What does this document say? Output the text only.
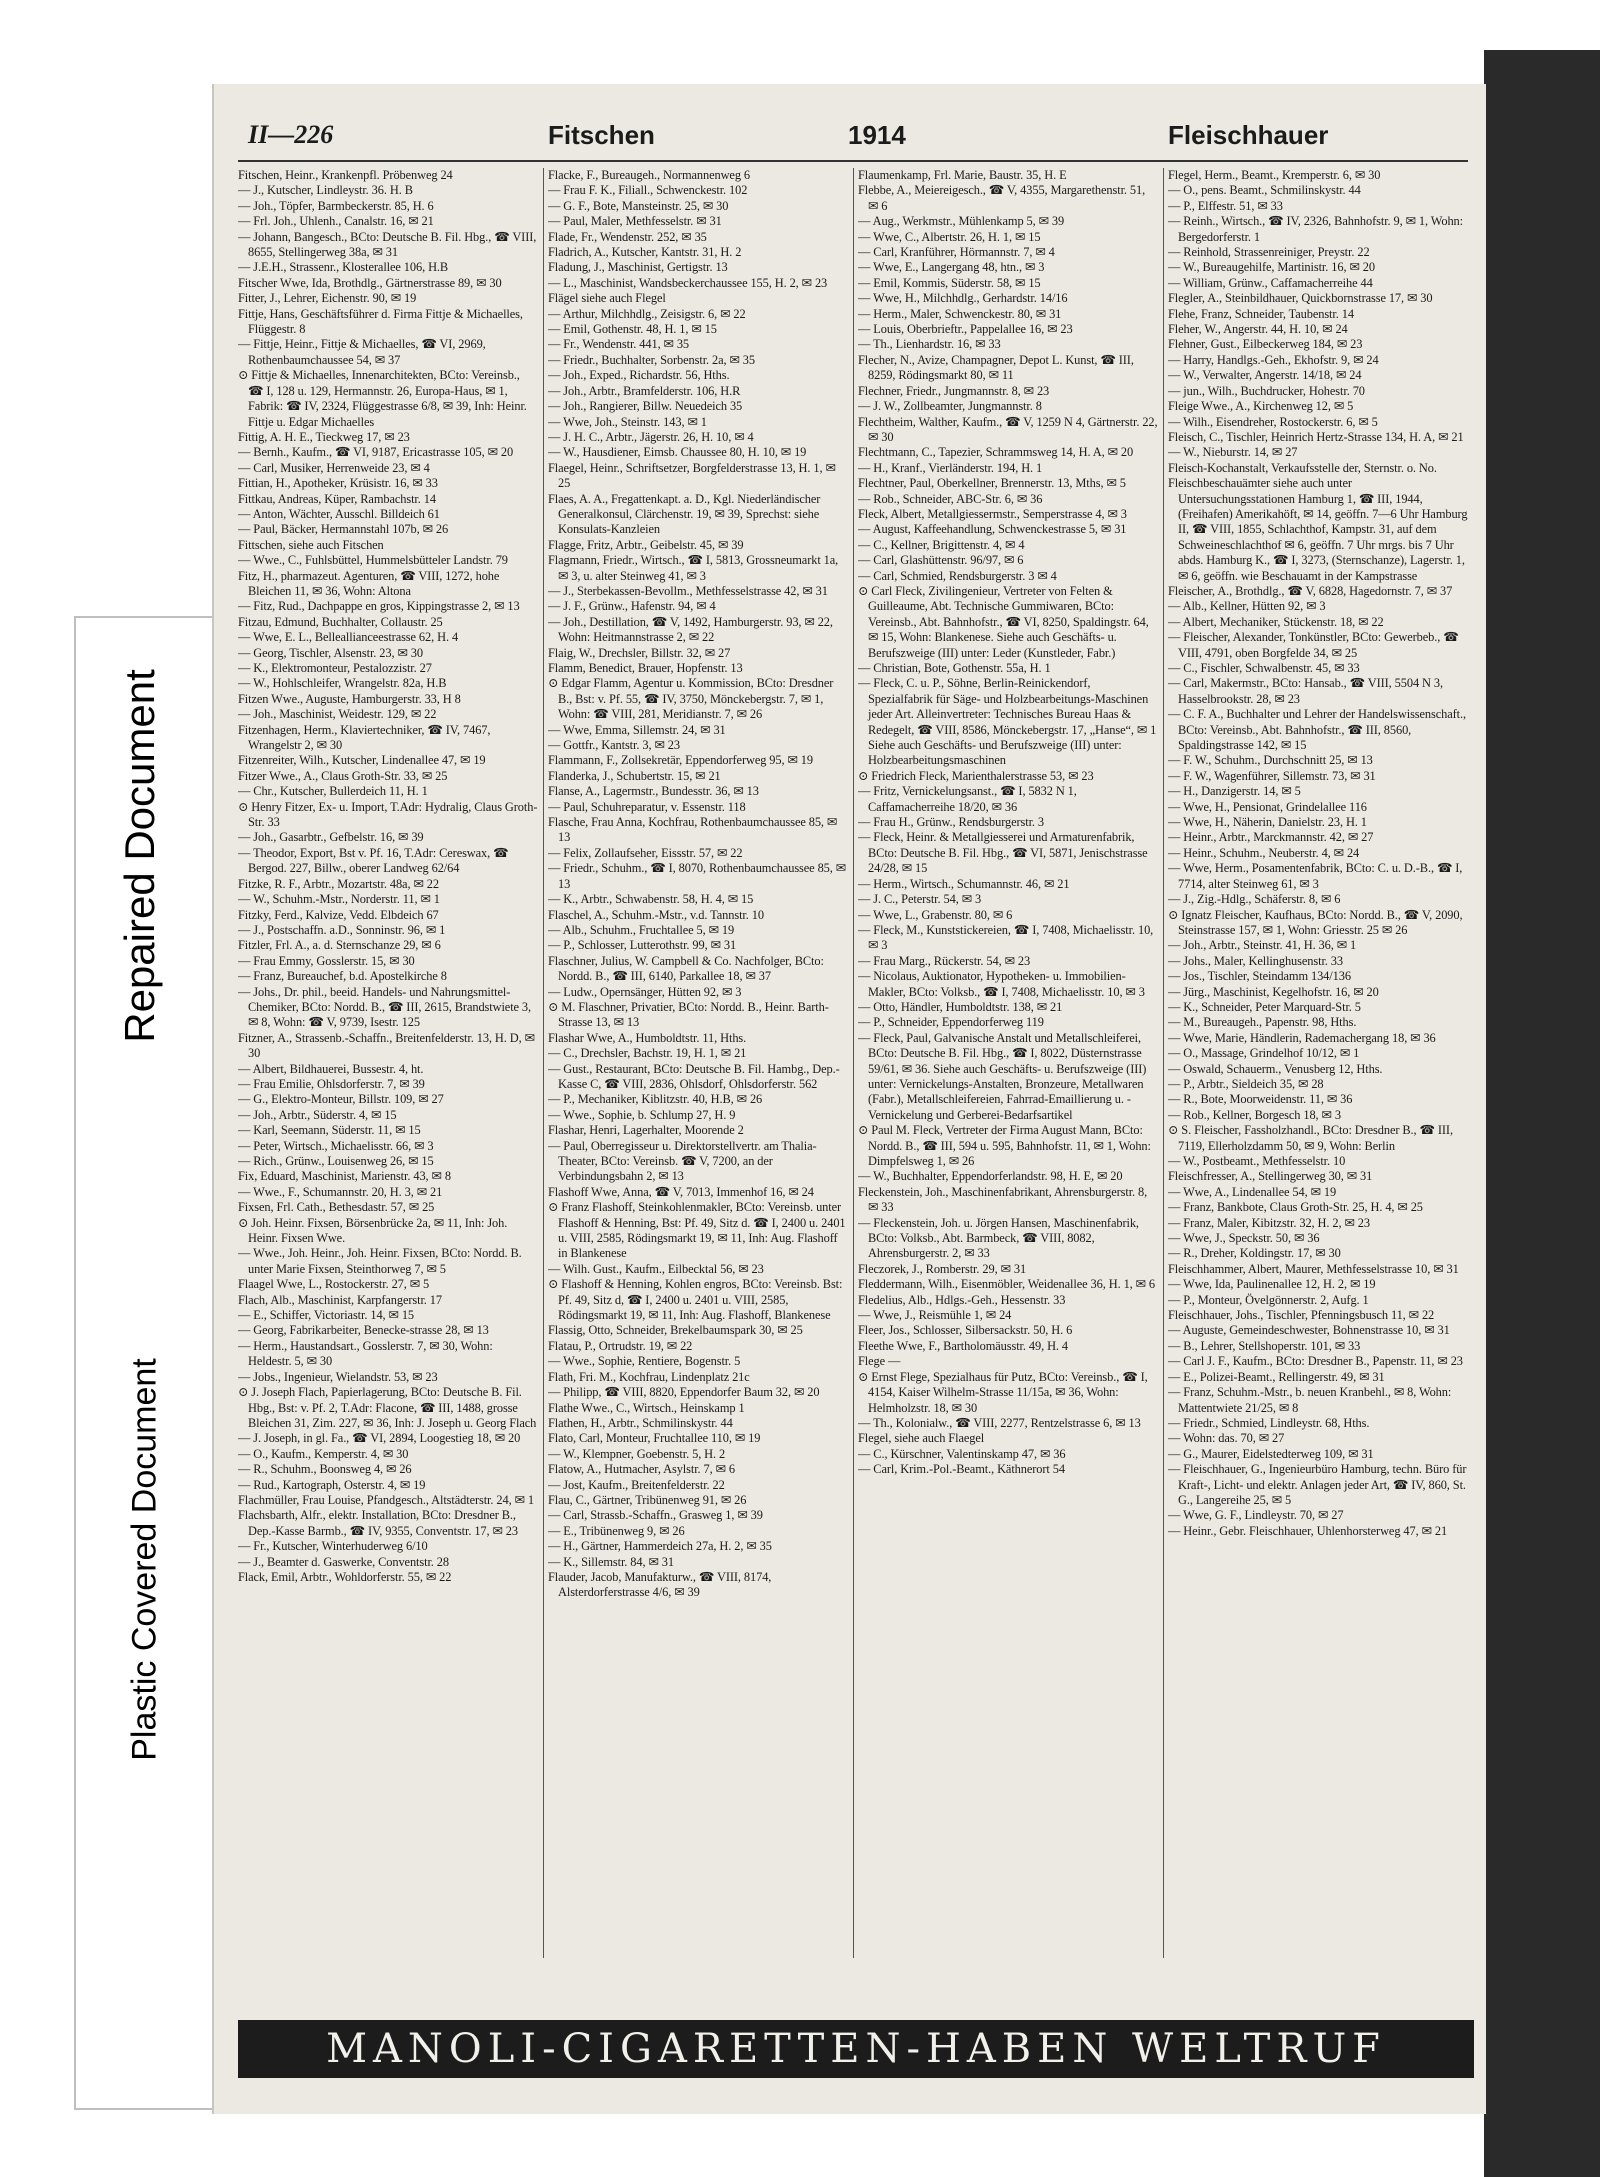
Repaired Document
Plastic Covered Document
II—226	Fitschen	1914	Fleischhauer

Fitschen, Heinr., Krankenpfl. Pröbenweg 24

— J., Kutscher, Lindleystr. 36. H. B

— Joh., Töpfer, Barmbeckerstr. 85, H. 6

— Frl. Joh., Uhlenh., Canalstr. 16, ✉ 21

— Johann, Bangesch., BCto: Deutsche B. Fil. Hbg., ☎ VIII, 8655, Stellingerweg 38a, ✉ 31

— J.E.H., Strassenr., Klosterallee 106, H.B

Fitscher Wwe, Ida, Brothdlg., Gärtnerstrasse 89, ✉ 30

Fitter, J., Lehrer, Eichenstr. 90, ✉ 19

Fittje, Hans, Geschäftsführer d. Firma Fittje & Michaelles, Flüggestr. 8

— Fittje, Heinr., Fittje & Michaelles, ☎ VI, 2969, Rothenbaumchaussee 54, ✉ 37

⊙ Fittje & Michaelles, Innenarchitekten, BCto: Vereinsb., ☎ I, 128 u. 129, Hermannstr. 26, Europa-Haus, ✉ 1, Fabrik: ☎ IV, 2324, Flüggestrasse 6/8, ✉ 39, Inh: Heinr. Fittje u. Edgar Michaelles

Fittig, A. H. E., Tieckweg 17, ✉ 23

— Bernh., Kaufm., ☎ VI, 9187, Ericastrasse 105, ✉ 20

— Carl, Musiker, Herrenweide 23, ✉ 4

Fittian, H., Apotheker, Krüsistr. 16, ✉ 33

Fittkau, Andreas, Küper, Rambachstr. 14

— Anton, Wächter, Ausschl. Billdeich 61

— Paul, Bäcker, Hermannstahl 107b, ✉ 26

Fittschen, siehe auch Fitschen

— Wwe., C., Fuhlsbüttel, Hummelsbütteler Landstr. 79

Fitz, H., pharmazeut. Agenturen, ☎ VIII, 1272, hohe Bleichen 11, ✉ 36, Wohn: Altona

— Fitz, Rud., Dachpappe en gros, Kippingstrasse 2, ✉ 13

Fitzau, Edmund, Buchhalter, Collaustr. 25

— Wwe, E. L., Belleallianceestrasse 62, H. 4

— Georg, Tischler, Alsenstr. 23, ✉ 30

— K., Elektromonteur, Pestalozzistr. 27

— W., Hohlschleifer, Wrangelstr. 82a, H.B

Fitzen Wwe., Auguste, Hamburgerstr. 33, H 8

— Joh., Maschinist, Weidestr. 129, ✉ 22

Fitzenhagen, Herm., Klaviertechniker, ☎ IV, 7467, Wrangelstr 2, ✉ 30

Fitzenreiter, Wilh., Kutscher, Lindenallee 47, ✉ 19

Fitzer Wwe., A., Claus Groth-Str. 33, ✉ 25

— Chr., Kutscher, Bullerdeich 11, H. 1

⊙ Henry Fitzer, Ex- u. Import, T.Adr: Hydralig, Claus Groth-Str. 33

— Joh., Gasarbtr., Gefbelstr. 16, ✉ 39

— Theodor, Export, Bst v. Pf. 16, T.Adr: Cereswax, ☎ Bergod. 227, Billw., oberer Landweg 62/64

Fitzke, R. F., Arbtr., Mozartstr. 48a, ✉ 22

— W., Schuhm.-Mstr., Norderstr. 11, ✉ 1

Fitzky, Ferd., Kalvize, Vedd. Elbdeich 67

— J., Postschaffn. a.D., Sonninstr. 96, ✉ 1

Fitzler, Frl. A., a. d. Sternschanze 29, ✉ 6

— Frau Emmy, Gosslerstr. 15, ✉ 30

— Franz, Bureauchef, b.d. Apostelkirche 8

— Johs., Dr. phil., beeid. Handels- und Nahrungsmittel-Chemiker, BCto: Nordd. B., ☎ III, 2615, Brandstwiete 3, ✉ 8, Wohn: ☎ V, 9739, Isestr. 125

Fitzner, A., Strassenb.-Schaffn., Breitenfelderstr. 13, H. D, ✉ 30

— Albert, Bildhauerei, Bussestr. 4, ht.

— Frau Emilie, Ohlsdorferstr. 7, ✉ 39

— G., Elektro-Monteur, Billstr. 109, ✉ 27

— Joh., Arbtr., Süderstr. 4, ✉ 15

— Karl, Seemann, Süderstr. 11, ✉ 15

— Peter, Wirtsch., Michaelisstr. 66, ✉ 3

— Rich., Grünw., Louisenweg 26, ✉ 15

Fix, Eduard, Maschinist, Marienstr. 43, ✉ 8

— Wwe., F., Schumannstr. 20, H. 3, ✉ 21

Fixsen, Frl. Cath., Bethesdastr. 57, ✉ 25

⊙ Joh. Heinr. Fixsen, Börsenbrücke 2a, ✉ 11, Inh: Joh. Heinr. Fixsen Wwe.

— Wwe., Joh. Heinr., Joh. Heinr. Fixsen, BCto: Nordd. B. unter Marie Fixsen, Steinthorweg 7, ✉ 5

Flaagel Wwe, L., Rostockerstr. 27, ✉ 5

Flach, Alb., Maschinist, Karpfangerstr. 17

— E., Schiffer, Victoriastr. 14, ✉ 15

— Georg, Fabrikarbeiter, Benecke-strasse 28, ✉ 13

— Herm., Haustandsart., Gosslerstr. 7, ✉ 30, Wohn: Heldestr. 5, ✉ 30

— Jobs., Ingenieur, Wielandstr. 53, ✉ 23

⊙ J. Joseph Flach, Papierlagerung, BCto: Deutsche B. Fil. Hbg., Bst: v. Pf. 2, T.Adr: Flacone, ☎ III, 1488, grosse Bleichen 31, Zim. 227, ✉ 36, Inh: J. Joseph u. Georg Flach

— J. Joseph, in gl. Fa., ☎ VI, 2894, Loogestieg 18, ✉ 20

— O., Kaufm., Kemperstr. 4, ✉ 30

— R., Schuhm., Boonsweg 4, ✉ 26

— Rud., Kartograph, Osterstr. 4, ✉ 19

Flachmüller, Frau Louise, Pfandgesch., Altstädterstr. 24, ✉ 1

Flachsbarth, Alfr., elektr. Installation, BCto: Dresdner B., Dep.-Kasse Barmb., ☎ IV, 9355, Conventstr. 17, ✉ 23

— Fr., Kutscher, Winterhuderweg 6/10

— J., Beamter d. Gaswerke, Conventstr. 28

Flack, Emil, Arbtr., Wohldorferstr. 55, ✉ 22

Flacke, F., Bureaugeh., Normannenweg 6

— Frau F. K., Filiall., Schwenckestr. 102

— G. F., Bote, Mansteinstr. 25, ✉ 30

— Paul, Maler, Methfesselstr. ✉ 31

Flade, Fr., Wendenstr. 252, ✉ 35

Fladrich, A., Kutscher, Kantstr. 31, H. 2

Fladung, J., Maschinist, Gertigstr. 13

— L., Maschinist, Wandsbeckerchaussee 155, H. 2, ✉ 23

Flägel siehe auch Flegel

— Arthur, Milchhdlg., Zeisigstr. 6, ✉ 22

— Emil, Gothenstr. 48, H. 1, ✉ 15

— Fr., Wendenstr. 441, ✉ 35

— Friedr., Buchhalter, Sorbenstr. 2a, ✉ 35

— Joh., Exped., Richardstr. 56, Hths.

— Joh., Arbtr., Bramfelderstr. 106, H.R

— Joh., Rangierer, Billw. Neuedeich 35

— Wwe, Joh., Steinstr. 143, ✉ 1

— J. H. C., Arbtr., Jägerstr. 26, H. 10, ✉ 4

— W., Hausdiener, Eimsb. Chaussee 80, H. 10, ✉ 19

Flaegel, Heinr., Schriftsetzer, Borgfelderstrasse 13, H. 1, ✉ 25

Flaes, A. A., Fregattenkapt. a. D., Kgl. Niederländischer Generalkonsul, Clärchenstr. 19, ✉ 39, Sprechst: siehe Konsulats-Kanzleien

Flagge, Fritz, Arbtr., Geibelstr. 45, ✉ 39

Flagmann, Friedr., Wirtsch., ☎ I, 5813, Grossneumarkt 1a, ✉ 3, u. alter Steinweg 41, ✉ 3

— J., Sterbekassen-Bevollm., Methfesselstrasse 42, ✉ 31

— J. F., Grünw., Hafenstr. 94, ✉ 4

— Joh., Destillation, ☎ V, 1492, Hamburgerstr. 93, ✉ 22, Wohn: Heitmannstrasse 2, ✉ 22

Flaig, W., Drechsler, Billstr. 32, ✉ 27

Flamm, Benedict, Brauer, Hopfenstr. 13

⊙ Edgar Flamm, Agentur u. Kommission, BCto: Dresdner B., Bst: v. Pf. 55, ☎ IV, 3750, Mönckebergstr. 7, ✉ 1, Wohn: ☎ VIII, 281, Meridianstr. 7, ✉ 26

— Wwe, Emma, Sillemstr. 24, ✉ 31

— Gottfr., Kantstr. 3, ✉ 23

Flammann, F., Zollsekretär, Eppendorferweg 95, ✉ 19

Flanderka, J., Schubertstr. 15, ✉ 21

Flanse, A., Lagermstr., Bundesstr. 36, ✉ 13

— Paul, Schuhreparatur, v. Essenstr. 118

Flasche, Frau Anna, Kochfrau, Rothenbaumchaussee 85, ✉ 13

— Felix, Zollaufseher, Eissstr. 57, ✉ 22

— Friedr., Schuhm., ☎ I, 8070, Rothenbaumchaussee 85, ✉ 13

— K., Arbtr., Schwabenstr. 58, H. 4, ✉ 15

Flaschel, A., Schuhm.-Mstr., v.d. Tannstr. 10

— Alb., Schuhm., Fruchtallee 5, ✉ 19

— P., Schlosser, Lutterothstr. 99, ✉ 31

Flaschner, Julius, W. Campbell & Co. Nachfolger, BCto: Nordd. B., ☎ III, 6140, Parkallee 18, ✉ 37

— Ludw., Opernsänger, Hütten 92, ✉ 3

⊙ M. Flaschner, Privatier, BCto: Nordd. B., Heinr. Barth-Strasse 13, ✉ 13

Flashar Wwe, A., Humboldtstr. 11, Hths.

— C., Drechsler, Bachstr. 19, H. 1, ✉ 21

— Gust., Restaurant, BCto: Deutsche B. Fil. Hambg., Dep.-Kasse C, ☎ VIII, 2836, Ohlsdorf, Ohlsdorferstr. 562

— P., Mechaniker, Kiblitzstr. 40, H.B, ✉ 26

— Wwe., Sophie, b. Schlump 27, H. 9

Flashar, Henri, Lagerhalter, Moorende 2

— Paul, Oberregisseur u. Direktorstellvertr. am Thalia-Theater, BCto: Vereinsb. ☎ V, 7200, an der Verbindungsbahn 2, ✉ 13

Flashoff Wwe, Anna, ☎ V, 7013, Immenhof 16, ✉ 24

⊙ Franz Flashoff, Steinkohlenmakler, BCto: Vereinsb. unter Flashoff & Henning, Bst: Pf. 49, Sitz d. ☎ I, 2400 u. 2401 u. VIII, 2585, Rödingsmarkt 19, ✉ 11, Inh: Aug. Flashoff in Blankenese

— Wilh. Gust., Kaufm., Eilbecktal 56, ✉ 23

⊙ Flashoff & Henning, Kohlen engros, BCto: Vereinsb. Bst: Pf. 49, Sitz d, ☎ I, 2400 u. 2401 u. VIII, 2585, Rödingsmarkt 19, ✉ 11, Inh: Aug. Flashoff, Blankenese

Flassig, Otto, Schneider, Brekelbaumspark 30, ✉ 25

Flatau, P., Ortrudstr. 19, ✉ 22

— Wwe., Sophie, Rentiere, Bogenstr. 5

Flath, Fri. M., Kochfrau, Lindenplatz 21c

— Philipp, ☎ VIII, 8820, Eppendorfer Baum 32, ✉ 20

Flathe Wwe., C., Wirtsch., Heinskamp 1

Flathen, H., Arbtr., Schmilinskystr. 44

Flato, Carl, Monteur, Fruchtallee 110, ✉ 19

— W., Klempner, Goebenstr. 5, H. 2

Flatow, A., Hutmacher, Asylstr. 7, ✉ 6

— Jost, Kaufm., Breitenfelderstr. 22

Flau, C., Gärtner, Tribünenweg 91, ✉ 26

— Carl, Strassb.-Schaffn., Grasweg 1, ✉ 39

— E., Tribünenweg 9, ✉ 26

— H., Gärtner, Hammerdeich 27a, H. 2, ✉ 35

— K., Sillemstr. 84, ✉ 31

Flauder, Jacob, Manufakturw., ☎ VIII, 8174, Alsterdorferstrasse 4/6, ✉ 39

Flaumenkamp, Frl. Marie, Baustr. 35, H. E

Flebbe, A., Meiereigesch., ☎ V, 4355, Margarethenstr. 51, ✉ 6

— Aug., Werkmstr., Mühlenkamp 5, ✉ 39

— Wwe, C., Albertstr. 26, H. 1, ✉ 15

— Carl, Kranführer, Hörmannstr. 7, ✉ 4

— Wwe, E., Langergang 48, htn., ✉ 3

— Emil, Kommis, Süderstr. 58, ✉ 15

— Wwe, H., Milchhdlg., Gerhardstr. 14/16

— Herm., Maler, Schwenckestr. 80, ✉ 31

— Louis, Oberbrieftr., Pappelallee 16, ✉ 23

— Th., Lienhardstr. 16, ✉ 33

Flecher, N., Avize, Champagner, Depot L. Kunst, ☎ III, 8259, Rödingsmarkt 80, ✉ 11

Flechner, Friedr., Jungmannstr. 8, ✉ 23

— J. W., Zollbeamter, Jungmannstr. 8

Flechtheim, Walther, Kaufm., ☎ V, 1259 N 4, Gärtnerstr. 22, ✉ 30

Flechtmann, C., Tapezier, Schrammsweg 14, H. A, ✉ 20

— H., Kranf., Vierländerstr. 194, H. 1

Flechtner, Paul, Oberkellner, Brennerstr. 13, Mths, ✉ 5

— Rob., Schneider, ABC-Str. 6, ✉ 36

Fleck, Albert, Metallgiessermstr., Semperstrasse 4, ✉ 3

— August, Kaffeehandlung, Schwenckestrasse 5, ✉ 31

— C., Kellner, Brigittenstr. 4, ✉ 4

— Carl, Glashüttenstr. 96/97, ✉ 6

— Carl, Schmied, Rendsburgerstr. 3 ✉ 4

⊙ Carl Fleck, Zivilingenieur, Vertreter von Felten & Guilleaume, Abt. Technische Gummiwaren, BCto: Vereinsb., Abt. Bahnhofstr., ☎ VI, 8250, Spaldingstr. 64, ✉ 15, Wohn: Blankenese. Siehe auch Geschäfts- u. Berufszweige (III) unter: Leder (Kunstleder, Fabr.)

— Christian, Bote, Gothenstr. 55a, H. 1

— Fleck, C. u. P., Söhne, Berlin-Reinickendorf, Spezialfabrik für Säge- und Holzbearbeitungs-Maschinen jeder Art. Alleinvertreter: Technisches Bureau Haas & Redegelt, ☎ VIII, 8586, Mönckebergstr. 17, „Hanse“, ✉ 1 Siehe auch Geschäfts- und Berufszweige (III) unter: Holzbearbeitungsmaschinen

⊙ Friedrich Fleck, Marienthalerstrasse 53, ✉ 23

— Fritz, Vernickelungsanst., ☎ I, 5832 N 1, Caffamacherreihe 18/20, ✉ 36

— Frau H., Grünw., Rendsburgerstr. 3

— Fleck, Heinr. & Metallgiesserei und Armaturenfabrik, BCto: Deutsche B. Fil. Hbg., ☎ VI, 5871, Jenischstrasse 24/28, ✉ 15

— Herm., Wirtsch., Schumannstr. 46, ✉ 21

— J. C., Peterstr. 54, ✉ 3

— Wwe, L., Grabenstr. 80, ✉ 6

— Fleck, M., Kunststickereien, ☎ I, 7408, Michaelisstr. 10, ✉ 3

— Frau Marg., Rückerstr. 54, ✉ 23

— Nicolaus, Auktionator, Hypotheken- u. Immobilien-Makler, BCto: Volksb., ☎ I, 7408, Michaelisstr. 10, ✉ 3

— Otto, Händler, Humboldtstr. 138, ✉ 21

— P., Schneider, Eppendorferweg 119

— Fleck, Paul, Galvanische Anstalt und Metallschleiferei, BCto: Deutsche B. Fil. Hbg., ☎ I, 8022, Düsternstrasse 59/61, ✉ 36. Siehe auch Geschäfts- u. Berufszweige (III) unter: Vernickelungs-Anstalten, Bronzeure, Metallwaren (Fabr.), Metallschleifereien, Fahrrad-Emaillierung u. -Vernickelung und Gerberei-Bedarfsartikel

⊙ Paul M. Fleck, Vertreter der Firma August Mann, BCto: Nordd. B., ☎ III, 594 u. 595, Bahnhofstr. 11, ✉ 1, Wohn: Dimpfelsweg 1, ✉ 26

— W., Buchhalter, Eppendorferlandstr. 98, H. E, ✉ 20

Fleckenstein, Joh., Maschinenfabrikant, Ahrensburgerstr. 8, ✉ 33

— Fleckenstein, Joh. u. Jörgen Hansen, Maschinenfabrik, BCto: Volksb., Abt. Barmbeck, ☎ VIII, 8082, Ahrensburgerstr. 2, ✉ 33

Fleczorek, J., Romberstr. 29, ✉ 31

Fleddermann, Wilh., Eisenmöbler, Weidenallee 36, H. 1, ✉ 6

Fledelius, Alb., Hdlgs.-Geh., Hessenstr. 33

— Wwe, J., Reismühle 1, ✉ 24

Fleer, Jos., Schlosser, Silbersackstr. 50, H. 6

Fleethe Wwe, F., Bartholomäusstr. 49, H. 4

Flege —

⊙ Ernst Flege, Spezialhaus für Putz, BCto: Vereinsb., ☎ I, 4154, Kaiser Wilhelm-Strasse 11/15a, ✉ 36, Wohn: Helmholzstr. 18, ✉ 30

— Th., Kolonialw., ☎ VIII, 2277, Rentzelstrasse 6, ✉ 13

Flegel, siehe auch Flaegel

— C., Kürschner, Valentinskamp 47, ✉ 36

— Carl, Krim.-Pol.-Beamt., Käthnerort 54

Flegel, Herm., Beamt., Kremperstr. 6, ✉ 30

— O., pens. Beamt., Schmilinskystr. 44

— P., Elffestr. 51, ✉ 33

— Reinh., Wirtsch., ☎ IV, 2326, Bahnhofstr. 9, ✉ 1, Wohn: Bergedorferstr. 1

— Reinhold, Strassenreiniger, Preystr. 22

— W., Bureaugehilfe, Martinistr. 16, ✉ 20

— William, Grünw., Caffamacherreihe 44

Flegler, A., Steinbildhauer, Quickbornstrasse 17, ✉ 30

Flehe, Franz, Schneider, Taubenstr. 14

Fleher, W., Angerstr. 44, H. 10, ✉ 24

Flehner, Gust., Eilbeckerweg 184, ✉ 23

— Harry, Handlgs.-Geh., Ekhofstr. 9, ✉ 24

— W., Verwalter, Angerstr. 14/18, ✉ 24

— jun., Wilh., Buchdrucker, Hohestr. 70

Fleige Wwe., A., Kirchenweg 12, ✉ 5

— Wilh., Eisendreher, Rostockerstr. 6, ✉ 5

Fleisch, C., Tischler, Heinrich Hertz-Strasse 134, H. A, ✉ 21

— W., Nieburstr. 14, ✉ 27

Fleisch-Kochanstalt, Verkaufsstelle der, Sternstr. o. No.

Fleischbeschauämter siehe auch unter Untersuchungsstationen Hamburg 1, ☎ III, 1944, (Freihafen) Amerikahöft, ✉ 14, geöffn. 7—6 Uhr Hamburg II, ☎ VIII, 1855, Schlachthof, Kampstr. 31, auf dem Schweineschlachthof ✉ 6, geöffn. 7 Uhr mrgs. bis 7 Uhr abds. Hamburg K., ☎ I, 3273, (Sternschanze), Lagerstr. 1, ✉ 6, geöffn. wie Beschauamt in der Kampstrasse

Fleischer, A., Brothdlg., ☎ V, 6828, Hagedornstr. 7, ✉ 37

— Alb., Kellner, Hütten 92, ✉ 3

— Albert, Mechaniker, Stückenstr. 18, ✉ 22

— Fleischer, Alexander, Tonkünstler, BCto: Gewerbeb., ☎ VIII, 4791, oben Borgfelde 34, ✉ 25

— C., Fischler, Schwalbenstr. 45, ✉ 33

— Carl, Makermstr., BCto: Hansab., ☎ VIII, 5504 N 3, Hasselbrookstr. 28, ✉ 23

— C. F. A., Buchhalter und Lehrer der Handelswissenschaft., BCto: Vereinsb., Abt. Bahnhofstr., ☎ III, 8560, Spaldingstrasse 142, ✉ 15

— F. W., Schuhm., Durchschnitt 25, ✉ 13

— F. W., Wagenführer, Sillemstr. 73, ✉ 31

— H., Danzigerstr. 14, ✉ 5

— Wwe, H., Pensionat, Grindelallee 116

— Wwe, H., Näherin, Danielstr. 23, H. 1

— Heinr., Arbtr., Marckmannstr. 42, ✉ 27

— Heinr., Schuhm., Neuberstr. 4, ✉ 24

— Wwe, Herm., Posamentenfabrik, BCto: C. u. D.-B., ☎ I, 7714, alter Steinweg 61, ✉ 3

— J., Zig.-Hdlg., Schäferstr. 8, ✉ 6

⊙ Ignatz Fleischer, Kaufhaus, BCto: Nordd. B., ☎ V, 2090, Steinstrasse 157, ✉ 1, Wohn: Griesstr. 25 ✉ 26

— Joh., Arbtr., Steinstr. 41, H. 36, ✉ 1

— Johs., Maler, Kellinghusenstr. 33

— Jos., Tischler, Steindamm 134/136

— Jürg., Maschinist, Kegelhofstr. 16, ✉ 20

— K., Schneider, Peter Marquard-Str. 5

— M., Bureaugeh., Papenstr. 98, Hths.

— Wwe, Marie, Händlerin, Rademachergang 18, ✉ 36

— O., Massage, Grindelhof 10/12, ✉ 1

— Oswald, Schauerm., Venusberg 12, Hths.

— P., Arbtr., Sieldeich 35, ✉ 28

— R., Bote, Moorweidenstr. 11, ✉ 36

— Rob., Kellner, Borgesch 18, ✉ 3

⊙ S. Fleischer, Fassholzhandl., BCto: Dresdner B., ☎ III, 7119, Ellerholzdamm 50, ✉ 9, Wohn: Berlin

— W., Postbeamt., Methfesselstr. 10

Fleischfresser, A., Stellingerweg 30, ✉ 31

— Wwe, A., Lindenallee 54, ✉ 19

— Franz, Bankbote, Claus Groth-Str. 25, H. 4, ✉ 25

— Franz, Maler, Kibitzstr. 32, H. 2, ✉ 23

— Wwe, J., Speckstr. 50, ✉ 36

— R., Dreher, Koldingstr. 17, ✉ 30

Fleischhammer, Albert, Maurer, Methfesselstrasse 10, ✉ 31

— Wwe, Ida, Paulinenallee 12, H. 2, ✉ 19

— P., Monteur, Övelgönnerstr. 2, Aufg. 1

Fleischhauer, Johs., Tischler, Pfenningsbusch 11, ✉ 22

— Auguste, Gemeindeschwester, Bohnenstrasse 10, ✉ 31

— B., Lehrer, Stellshoperstr. 101, ✉ 33

— Carl J. F., Kaufm., BCto: Dresdner B., Papenstr. 11, ✉ 23

— E., Polizei-Beamt., Rellingerstr. 49, ✉ 31

— Franz, Schuhm.-Mstr., b. neuen Kranbehl., ✉ 8, Wohn: Mattentwiete 21/25, ✉ 8

— Friedr., Schmied, Lindleystr. 68, Hths.

— Wohn: das. 70, ✉ 27

— G., Maurer, Eidelstedterweg 109, ✉ 31

— Fleischhauer, G., Ingenieurbüro Hamburg, techn. Büro für Kraft-, Licht- und elektr. Anlagen jeder Art, ☎ IV, 860, St. G., Langereihe 25, ✉ 5

— Wwe, G. F., Lindleystr. 70, ✉ 27

— Heinr., Gebr. Fleischhauer, Uhlenhorsterweg 47, ✉ 21

MANOLI-CIGARETTEN-HABEN WELTRUF
